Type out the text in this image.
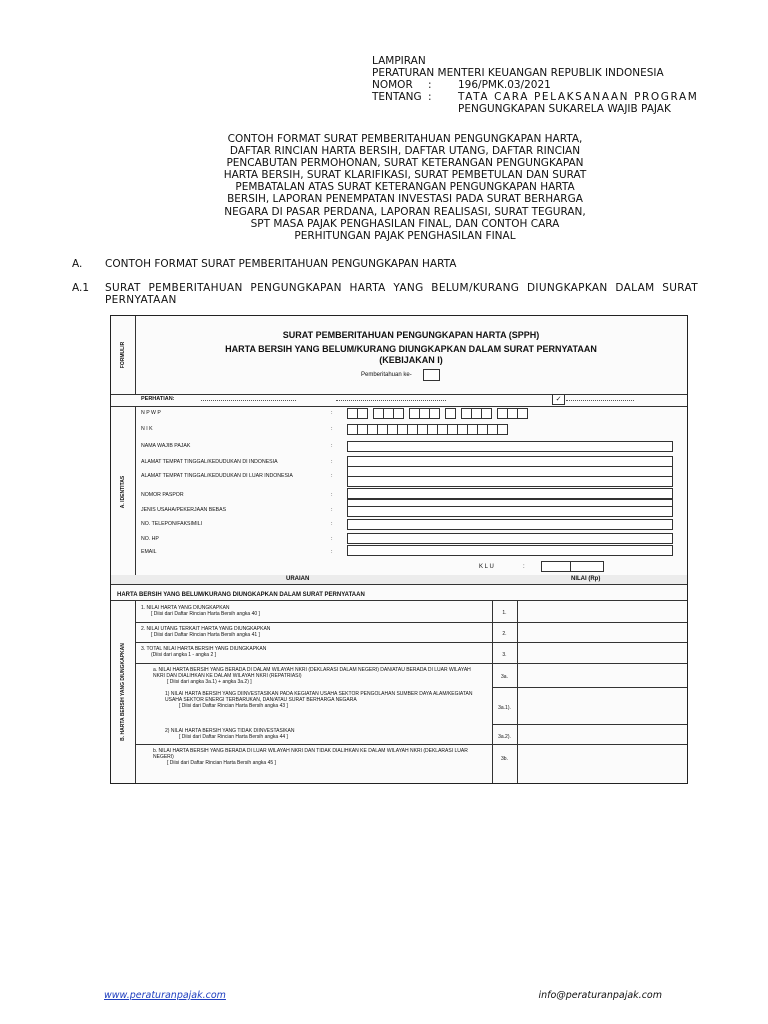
LAMPIRAN
PERATURAN MENTERI KEUANGAN REPUBLIK INDONESIA
NOMOR	:	196/PMK.03/2021
TENTANG :	TATA CARA PELAKSANAAN PROGRAM
PENGUNGKAPAN SUKARELA WAJIB PAJAK
CONTOH FORMAT SURAT PEMBERITAHUAN PENGUNGKAPAN HARTA,
DAFTAR RINCIAN HARTA BERSIH, DAFTAR UTANG, DAFTAR RINCIAN
PENCABUTAN PERMOHONAN, SURAT KETERANGAN PENGUNGKAPAN
HARTA BERSIH, SURAT KLARIFIKASI, SURAT PEMBETULAN DAN SURAT
PEMBATALAN ATAS SURAT KETERANGAN PENGUNGKAPAN HARTA
BERSIH, LAPORAN PENEMPATAN INVESTASI PADA SURAT BERHARGA
NEGARA DI PASAR PERDANA, LAPORAN REALISASI, SURAT TEGURAN,
SPT MASA PAJAK PENGHASILAN FINAL, DAN CONTOH CARA
PERHITUNGAN PAJAK PENGHASILAN FINAL
A.	CONTOH FORMAT SURAT PEMBERITAHUAN PENGUNGKAPAN HARTA
A.1	SURAT PEMBERITAHUAN PENGUNGKAPAN HARTA YANG BELUM/KURANG DIUNGKAPKAN DALAM SURAT PERNYATAAN
FORMULIR
SURAT PEMBERITAHUAN PENGUNGKAPAN HARTA (SPPH)
HARTA BERSIH YANG BELUM/KURANG DIUNGKAPKAN DALAM SURAT PERNYATAAN
(KEBIJAKAN I)
Pemberitahuan ke-
PERHATIAN:	✓
A. IDENTITAS
N P W P	:
N I K	:
NAMA WAJIB PAJAK	:
ALAMAT TEMPAT TINGGAL/KEDUDUKAN DI INDONESIA	:
ALAMAT TEMPAT TINGGAL/KEDUDUKAN DI LUAR INDONESIA	:
NOMOR PASPOR	:
JENIS USAHA/PEKERJAAN BEBAS	:
NO. TELEPON/FAKSIMILI	:
NO. HP	:
EMAIL	:
K L U	:
URAIAN	NILAI (Rp)
HARTA BERSIH YANG BELUM/KURANG DIUNGKAPKAN DALAM SURAT PERNYATAAN
B. HARTA BERSIH YANG DIUNGKAPKAN
1. NILAI HARTA YANG DIUNGKAPKAN
[ Diisi dari Daftar Rincian Harta Bersih angka 40 ]	1.
2. NILAI UTANG TERKAIT HARTA YANG DIUNGKAPKAN
[ Diisi dari Daftar Rincian Harta Bersih angka 41 ]	2.
3. TOTAL NILAI HARTA BERSIH YANG DIUNGKAPKAN
(Diisi dari angka 1 - angka 2 ]	3.
a. NILAI HARTA BERSIH YANG BERADA DI DALAM WILAYAH NKRI (DEKLARASI DALAM NEGERI) DAN/ATAU BERADA DI LUAR WILAYAH NKRI DAN DIALIHKAN KE DALAM WILAYAH NKRI (REPATRIASI)
[ Diisi dari angka 3a.1) + angka 3a.2) ]
3a.
1) NILAI HARTA BERSIH YANG DIINVESTASIKAN PADA KEGIATAN USAHA SEKTOR PENGOLAHAN SUMBER DAYA ALAM/KEGIATAN USAHA SEKTOR ENERGI TERBARUKAN, DAN/ATAU SURAT BERHARGA NEGARA
[ Diisi dari Daftar Rincian Harta Bersih angka 43 ]	3a.1).
2) NILAI HARTA BERSIH YANG TIDAK DIINVESTASIKAN
[ Diisi dari Daftar Rincian Harta Bersih angka 44 ]	3a.2).
b. NILAI HARTA BERSIH YANG BERADA DI LUAR WILAYAH NKRI DAN TIDAK DIALIHKAN KE DALAM WILAYAH NKRI (DEKLARASI LUAR NEGERI)
[ Diisi dari Daftar Rincian Harta Bersih angka 45 ]
3b.
www.peraturanpajak.com	info@peraturanpajak.com
